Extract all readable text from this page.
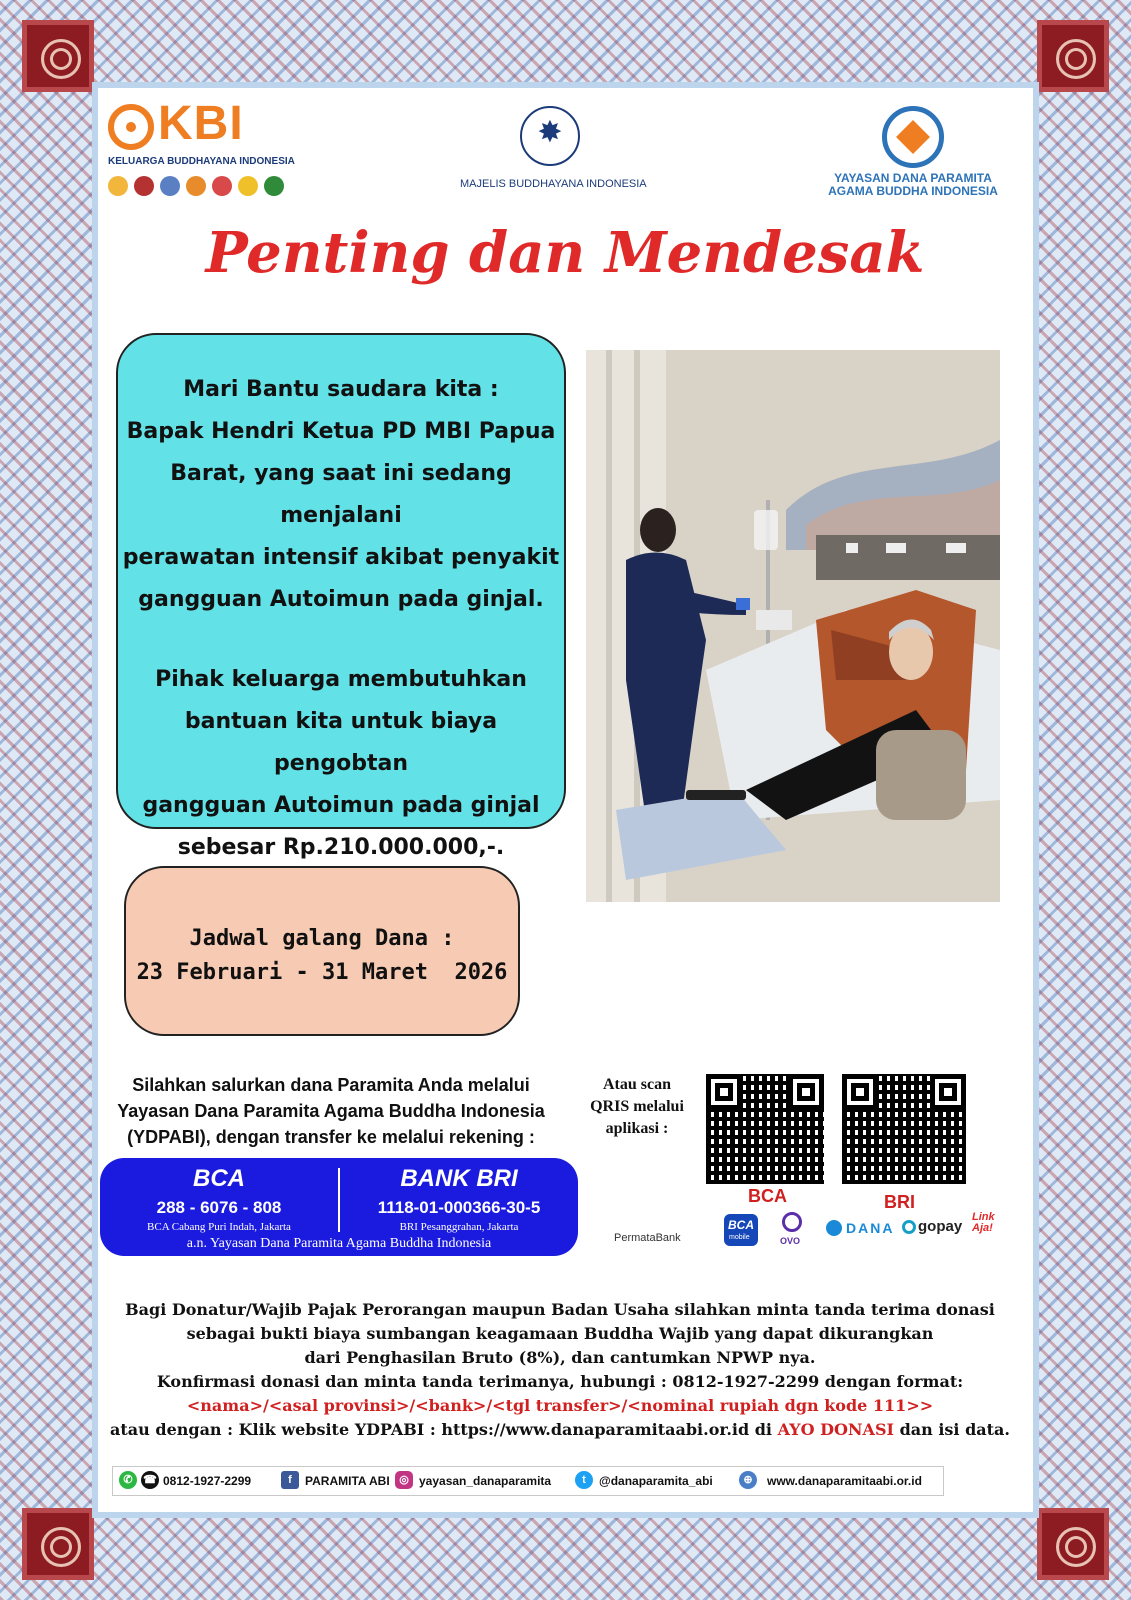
KBI
KELUARGA BUDDHAYANA INDONESIA
✸
MAJELIS BUDDHAYANA INDONESIA	YAYASAN DANA PARAMITA
AGAMA BUDDHA INDONESIA
Penting dan Mendesak

Mari Bantu saudara kita :

Bapak Hendri Ketua PD MBI Papua

Barat, yang saat ini sedang menjalani

perawatan intensif akibat penyakit

gangguan Autoimun pada ginjal.

Pihak keluarga membutuhkan

bantuan kita untuk biaya pengobtan

gangguan Autoimun pada ginjal

sebesar Rp.210.000.000,-.

Jadwal galang Dana :
23 Februari - 31 Maret  2026
Silahkan salurkan dana Paramita Anda melalui
Yayasan Dana Paramita Agama Buddha Indonesia
(YDPABI), dengan transfer ke melalui rekening :
BCA
288 - 6076 - 808
BCA Cabang Puri Indah, Jakarta
BANK BRI
1118-01-000366-30-5
BRI Pesanggrahan, Jakarta
a.n. Yayasan Dana Paramita Agama Buddha Indonesia
Atau scan
QRIS melalui
aplikasi :
BCA	BRI
PermataBank
BCA
mobile	OVO
DANA gopay
Link Aja!
Bagi Donatur/Wajib Pajak Perorangan maupun Badan Usaha silahkan minta tanda terima donasi
sebagai bukti biaya sumbangan keagamaan Buddha Wajib yang dapat dikurangkan
dari Penghasilan Bruto (8%), dan cantumkan NPWP nya.
Konfirmasi donasi dan minta tanda terimanya, hubungi : 0812-1927-2299 dengan format:
<nama>/<asal provinsi>/<bank>/<tgl transfer>/<nominal rupiah dgn kode 111>>
atau dengan : Klik website YDPABI : https://www.danaparamitaabi.or.id di AYO DONASI dan isi data.
✆ ☎ 0812-1927-2299	f	PARAMITA ABI ◎ yayasan_danaparamita	t	@danaparamita_abi	⊕	www.danaparamitaabi.or.id
